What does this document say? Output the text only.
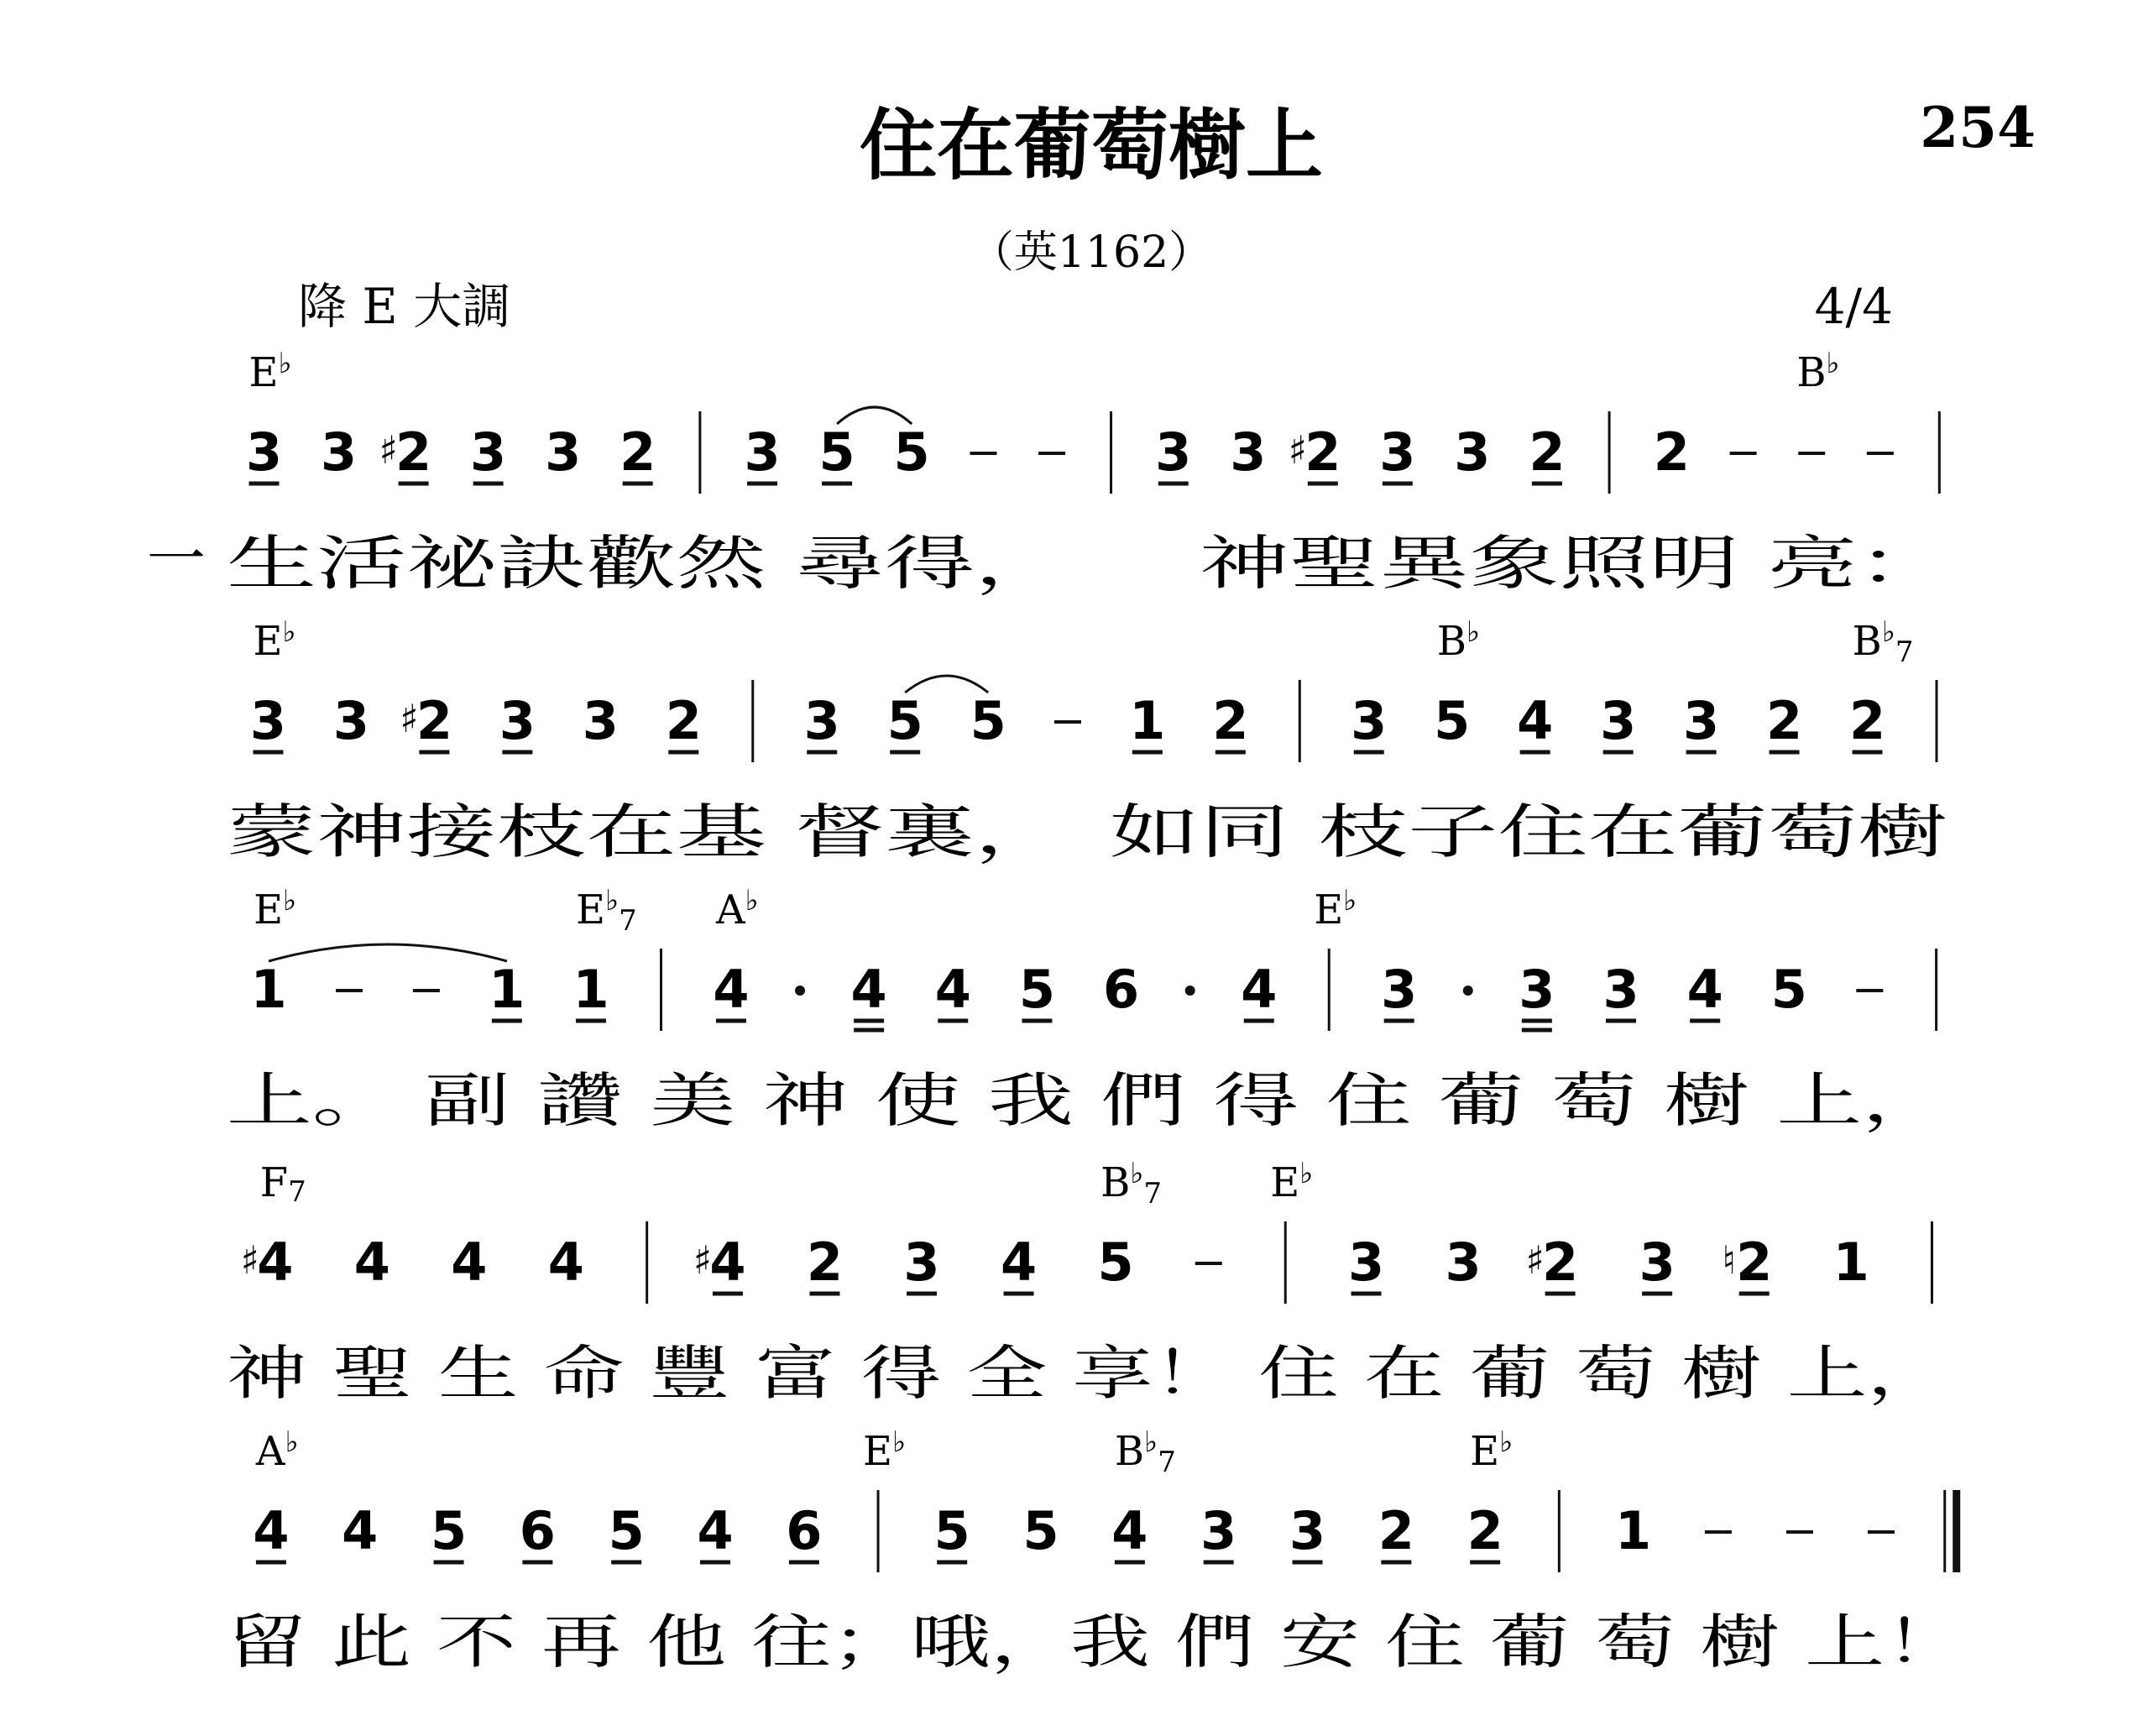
住在葡萄樹上	254
（英1162）
降 E 大調	4/4
一
3 3 2
♯ 3 3 2 3 5 5	3 3 2
♯ 3 3 2 2
E♭	B♭
生活祕訣歡然 尋得，　　神聖異象照明 亮：
3 3 2
♯ 3 3 2 3 5 5 1 2 3 5 4 3 3 2 2
E♭	B♭	$B^♭_7$
蒙神接枝在基 督裏，　如同 枝子住在葡萄樹
1	1 1 4 4 4 5 6 4 3 3 3 4 5
E♭	$E^♭_7$ A♭	E♭
上。 副 讚 美 神 使 我 們 得 住 葡 萄 樹 上，
4
♯ 4 4 4 4
♯ 2 3 4 5	3 3 2
♯ 3 2
♮ 1
F7	$B^♭_7$	E♭
神 聖 生 命 豐 富 得 全 享！ 住 在 葡 萄 樹 上，
4 4 5 6 5 4 6 5 5 4 3 3 2 2 1
A♭	E♭	$B^♭_7$	E♭
留 此 不 再 他 往；哦，我 們 安 住 葡 萄 樹 上！
